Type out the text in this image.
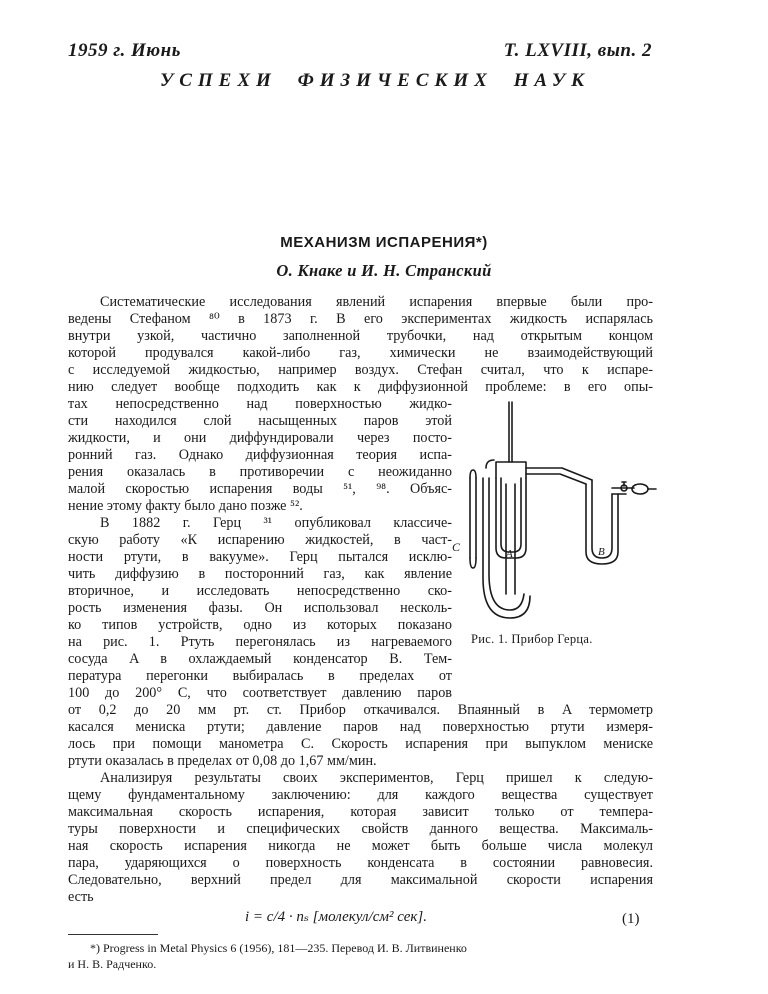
1959 г. Июнь	Т. LXVIII, вып. 2
УСПЕХИ ФИЗИЧЕСКИХ НАУК
МЕХАНИЗМ ИСПАРЕНИЯ*)
О. Кнаке и И. Н. Странский
Систематические исследования явлений испарения впервые были про-
ведены Стефаном ⁸⁰ в 1873 г. В его экспериментах жидкость испарялась
внутри узкой, частично заполненной трубочки, над открытым концом
которой продувался какой-либо газ, химически не взаимодействующий
с исследуемой жидкостью, например воздух. Стефан считал, что к испаре-
нию следует вообще подходить как к диффузионной проблеме: в его опы-
тах непосредственно над поверхностью жидко-
сти находился слой насыщенных паров этой
жидкости, и они диффундировали через посто-
ронний газ. Однако диффузионная теория испа-
рения оказалась в противоречии с неожиданно
малой скоростью испарения воды ⁵¹, ⁹⁸. Объяс-
нение этому факту было дано позже ⁵².
В 1882 г. Герц ³¹ опубликовал классиче-
скую работу «К испарению жидкостей, в част-
ности ртути, в вакууме». Герц пытался исклю-
чить диффузию в посторонний газ, как явление
вторичное, и исследовать непосредственно ско-
рость изменения фазы. Он использовал несколь-
ко типов устройств, одно из которых показано
на рис. 1. Ртуть перегонялась из нагреваемого
сосуда A в охлаждаемый конденсатор B. Тем-
пература перегонки выбиралась в пределах от
100 до 200° C, что соответствует давлению паров
от 0,2 до 20 мм рт. ст. Прибор откачивался. Впаянный в A термометр
касался мениска ртути; давление паров над поверхностью ртути измеря-
лось при помощи манометра C. Скорость испарения при выпуклом мениске
ртути оказалась в пределах от 0,08 до 1,67 мм/мин.
Анализируя результаты своих экспериментов, Герц пришел к следую-
щему фундаментальному заключению: для каждого вещества существует
максимальная скорость испарения, которая зависит только от темпера-
туры поверхности и специфических свойств данного вещества. Максималь-
ная скорость испарения никогда не может быть больше числа молекул
пара, ударяющихся о поверхность конденсата в состоянии равновесия.
Следовательно, верхний предел для максимальной скорости испарения
есть
i = c/4 · nₛ [молекул/см² сек].	(1)
*) Progress in Metal Physics 6 (1956), 181—235. Перевод И. В. Литвиненко
и Н. В. Радченко.
C	A	B
Рис. 1. Прибор Герца.
